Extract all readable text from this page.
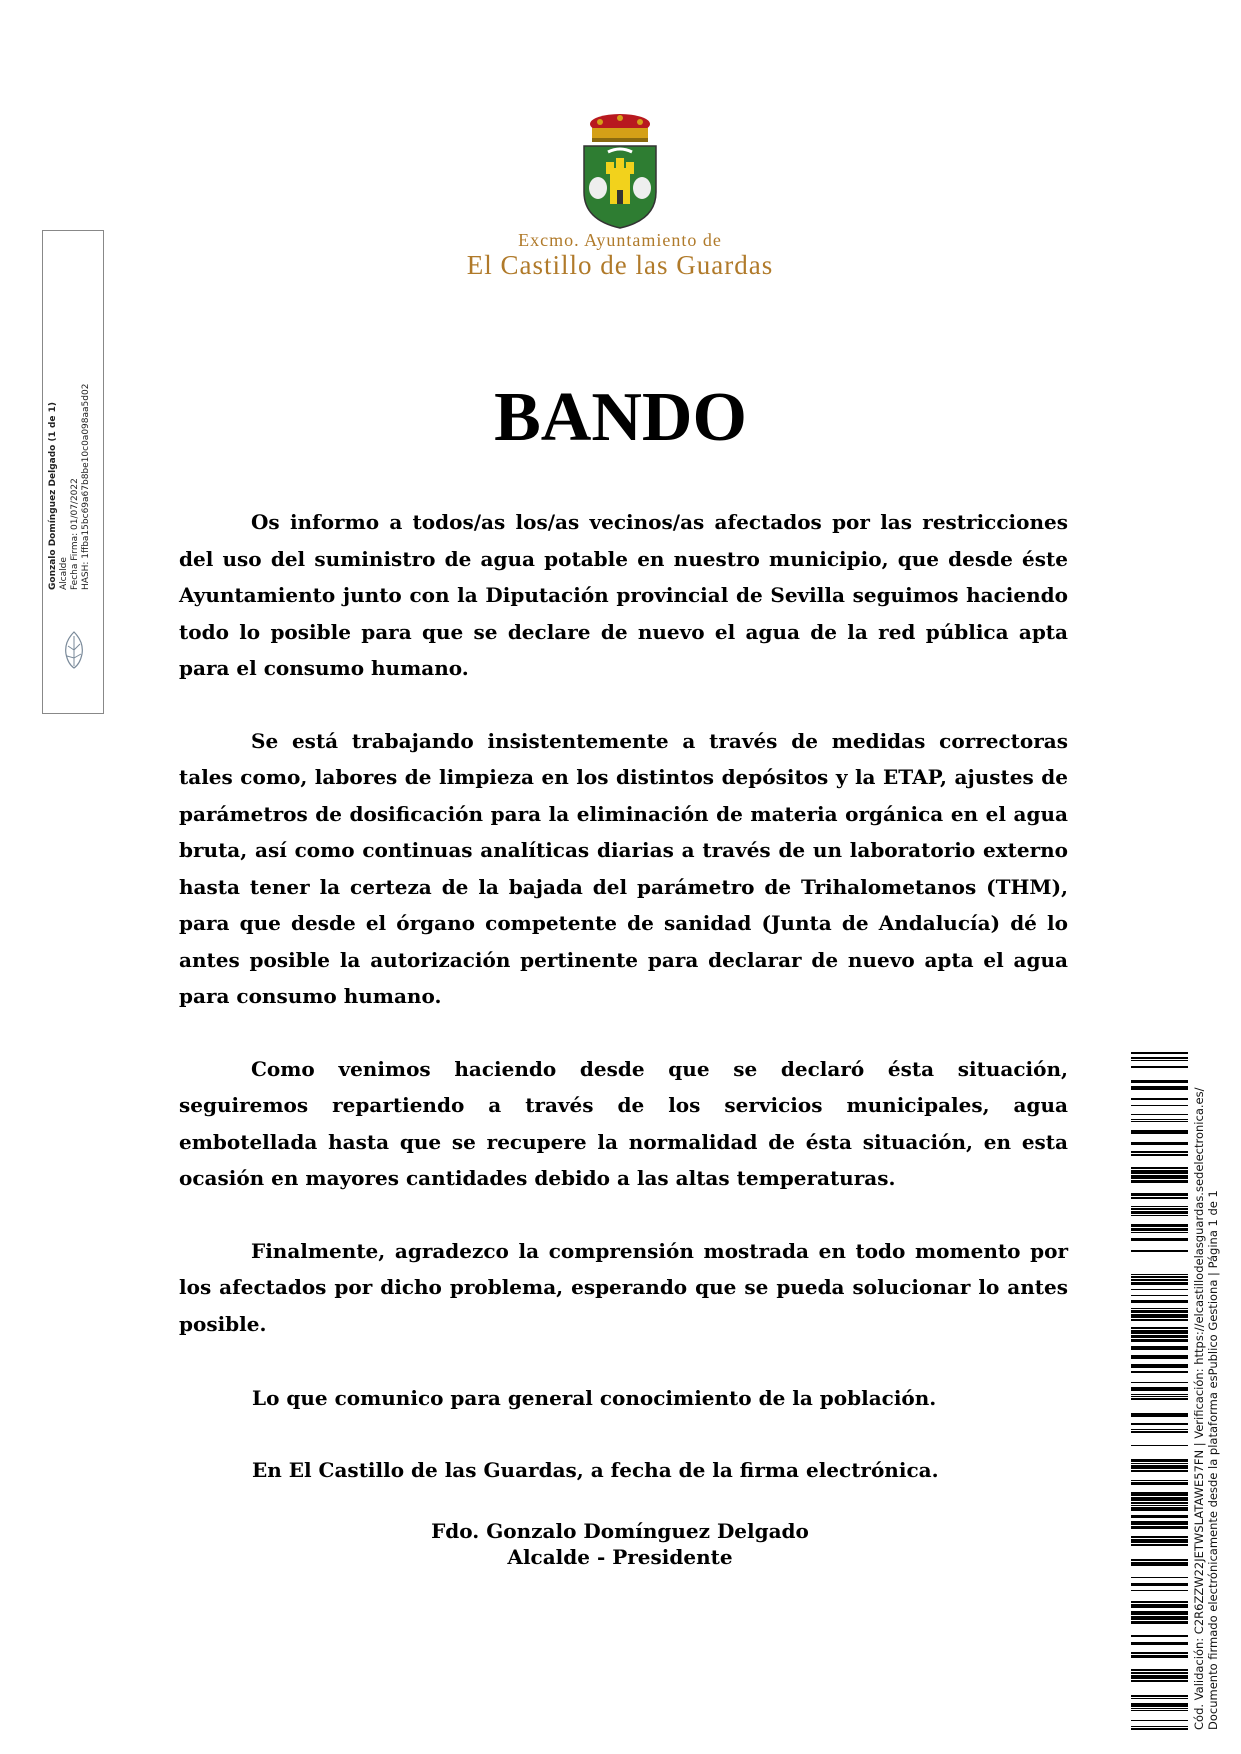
Excmo. Ayuntamiento de
El Castillo de las Guardas
BANDO

Os informo a todos/as los/as vecinos/as afectados por las restricciones del uso del suministro de agua potable en nuestro municipio, que desde éste Ayuntamiento junto con la Diputación provincial de Sevilla seguimos haciendo todo lo posible para que se declare de nuevo el agua de la red pública apta para el consumo humano.

Se está trabajando insistentemente a través de medidas correctoras tales como, labores de limpieza en los distintos depósitos y la ETAP, ajustes de parámetros de dosificación para la eliminación de materia orgánica en el agua bruta, así como continuas analíticas diarias a través de un laboratorio externo hasta tener la certeza de la bajada del parámetro de Trihalometanos (THM), para que desde el órgano competente de sanidad (Junta de Andalucía) dé lo antes posible la autorización pertinente para declarar de nuevo apta el agua para consumo humano.

Como venimos haciendo desde que se declaró ésta situación, seguiremos repartiendo a través de los servicios municipales, agua embotellada hasta que se recupere la normalidad de ésta situación, en esta ocasión en mayores cantidades debido a las altas temperaturas.

Finalmente, agradezco la comprensión mostrada en todo momento por los afectados por dicho problema, esperando que se pueda solucionar lo antes posible.

Lo que comunico para general conocimiento de la población.
En El Castillo de las Guardas, a fecha de la firma electrónica.
Fdo. Gonzalo Domínguez Delgado
Alcalde - Presidente
Gonzalo Domínguez Delgado (1 de 1) Alcalde Fecha Firma: 01/07/2022 HASH: 1ffba15bc69a67b8be10c0a098aa5d02
Cód. Validación: C2R6ZZW22JETWSLATAWE57FN | Verificación: https://elcastillodelasguardas.sedelectronica.es/ Documento firmado electrónicamente desde la plataforma esPublico Gestiona | Página 1 de 1
